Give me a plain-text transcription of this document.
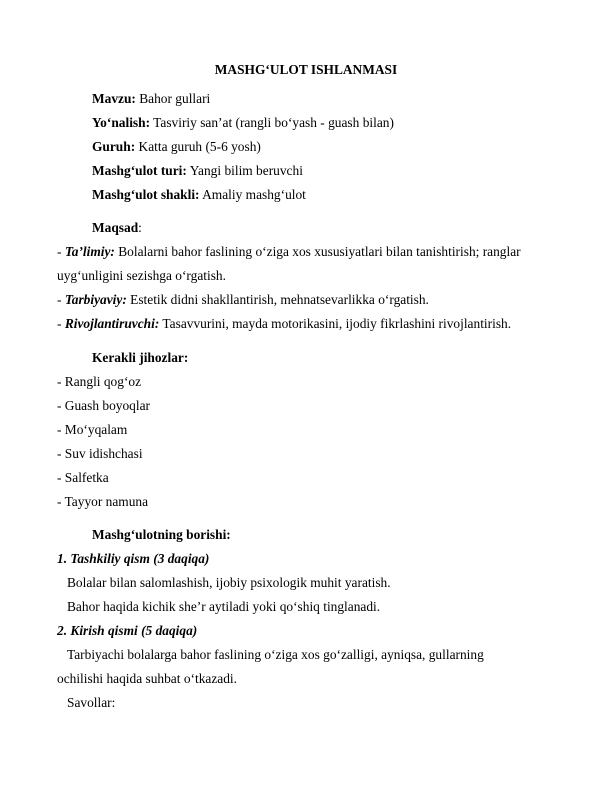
MASHG‘ULOT ISHLANMASI
Mavzu: Bahor gullari
Yo‘nalish: Tasviriy san’at (rangli bo‘yash - guash bilan)
Guruh: Katta guruh (5-6 yosh)
Mashg‘ulot turi: Yangi bilim beruvchi
Mashg‘ulot shakli: Amaliy mashg‘ulot
Maqsad:
- Ta’limiy: Bolalarni bahor faslining o‘ziga xos xususiyatlari bilan tanishtirish; ranglar
uyg‘unligini sezishga o‘rgatish.
- Tarbiyaviy: Estetik didni shakllantirish, mehnatsevarlikka o‘rgatish.
- Rivojlantiruvchi: Tasavvurini, mayda motorikasini, ijodiy fikrlashini rivojlantirish.
Kerakli jihozlar:
- Rangli qog‘oz
- Guash boyoqlar
- Mo‘yqalam
- Suv idishchasi
- Salfetka
- Tayyor namuna
Mashg‘ulotning borishi:
1. Tashkiliy qism (3 daqiqa)
Bolalar bilan salomlashish, ijobiy psixologik muhit yaratish.
Bahor haqida kichik she’r aytiladi yoki qo‘shiq tinglanadi.
2. Kirish qismi (5 daqiqa)
Tarbiyachi bolalarga bahor faslining o‘ziga xos go‘zalligi, ayniqsa, gullarning
ochilishi haqida suhbat o‘tkazadi.
Savollar:
